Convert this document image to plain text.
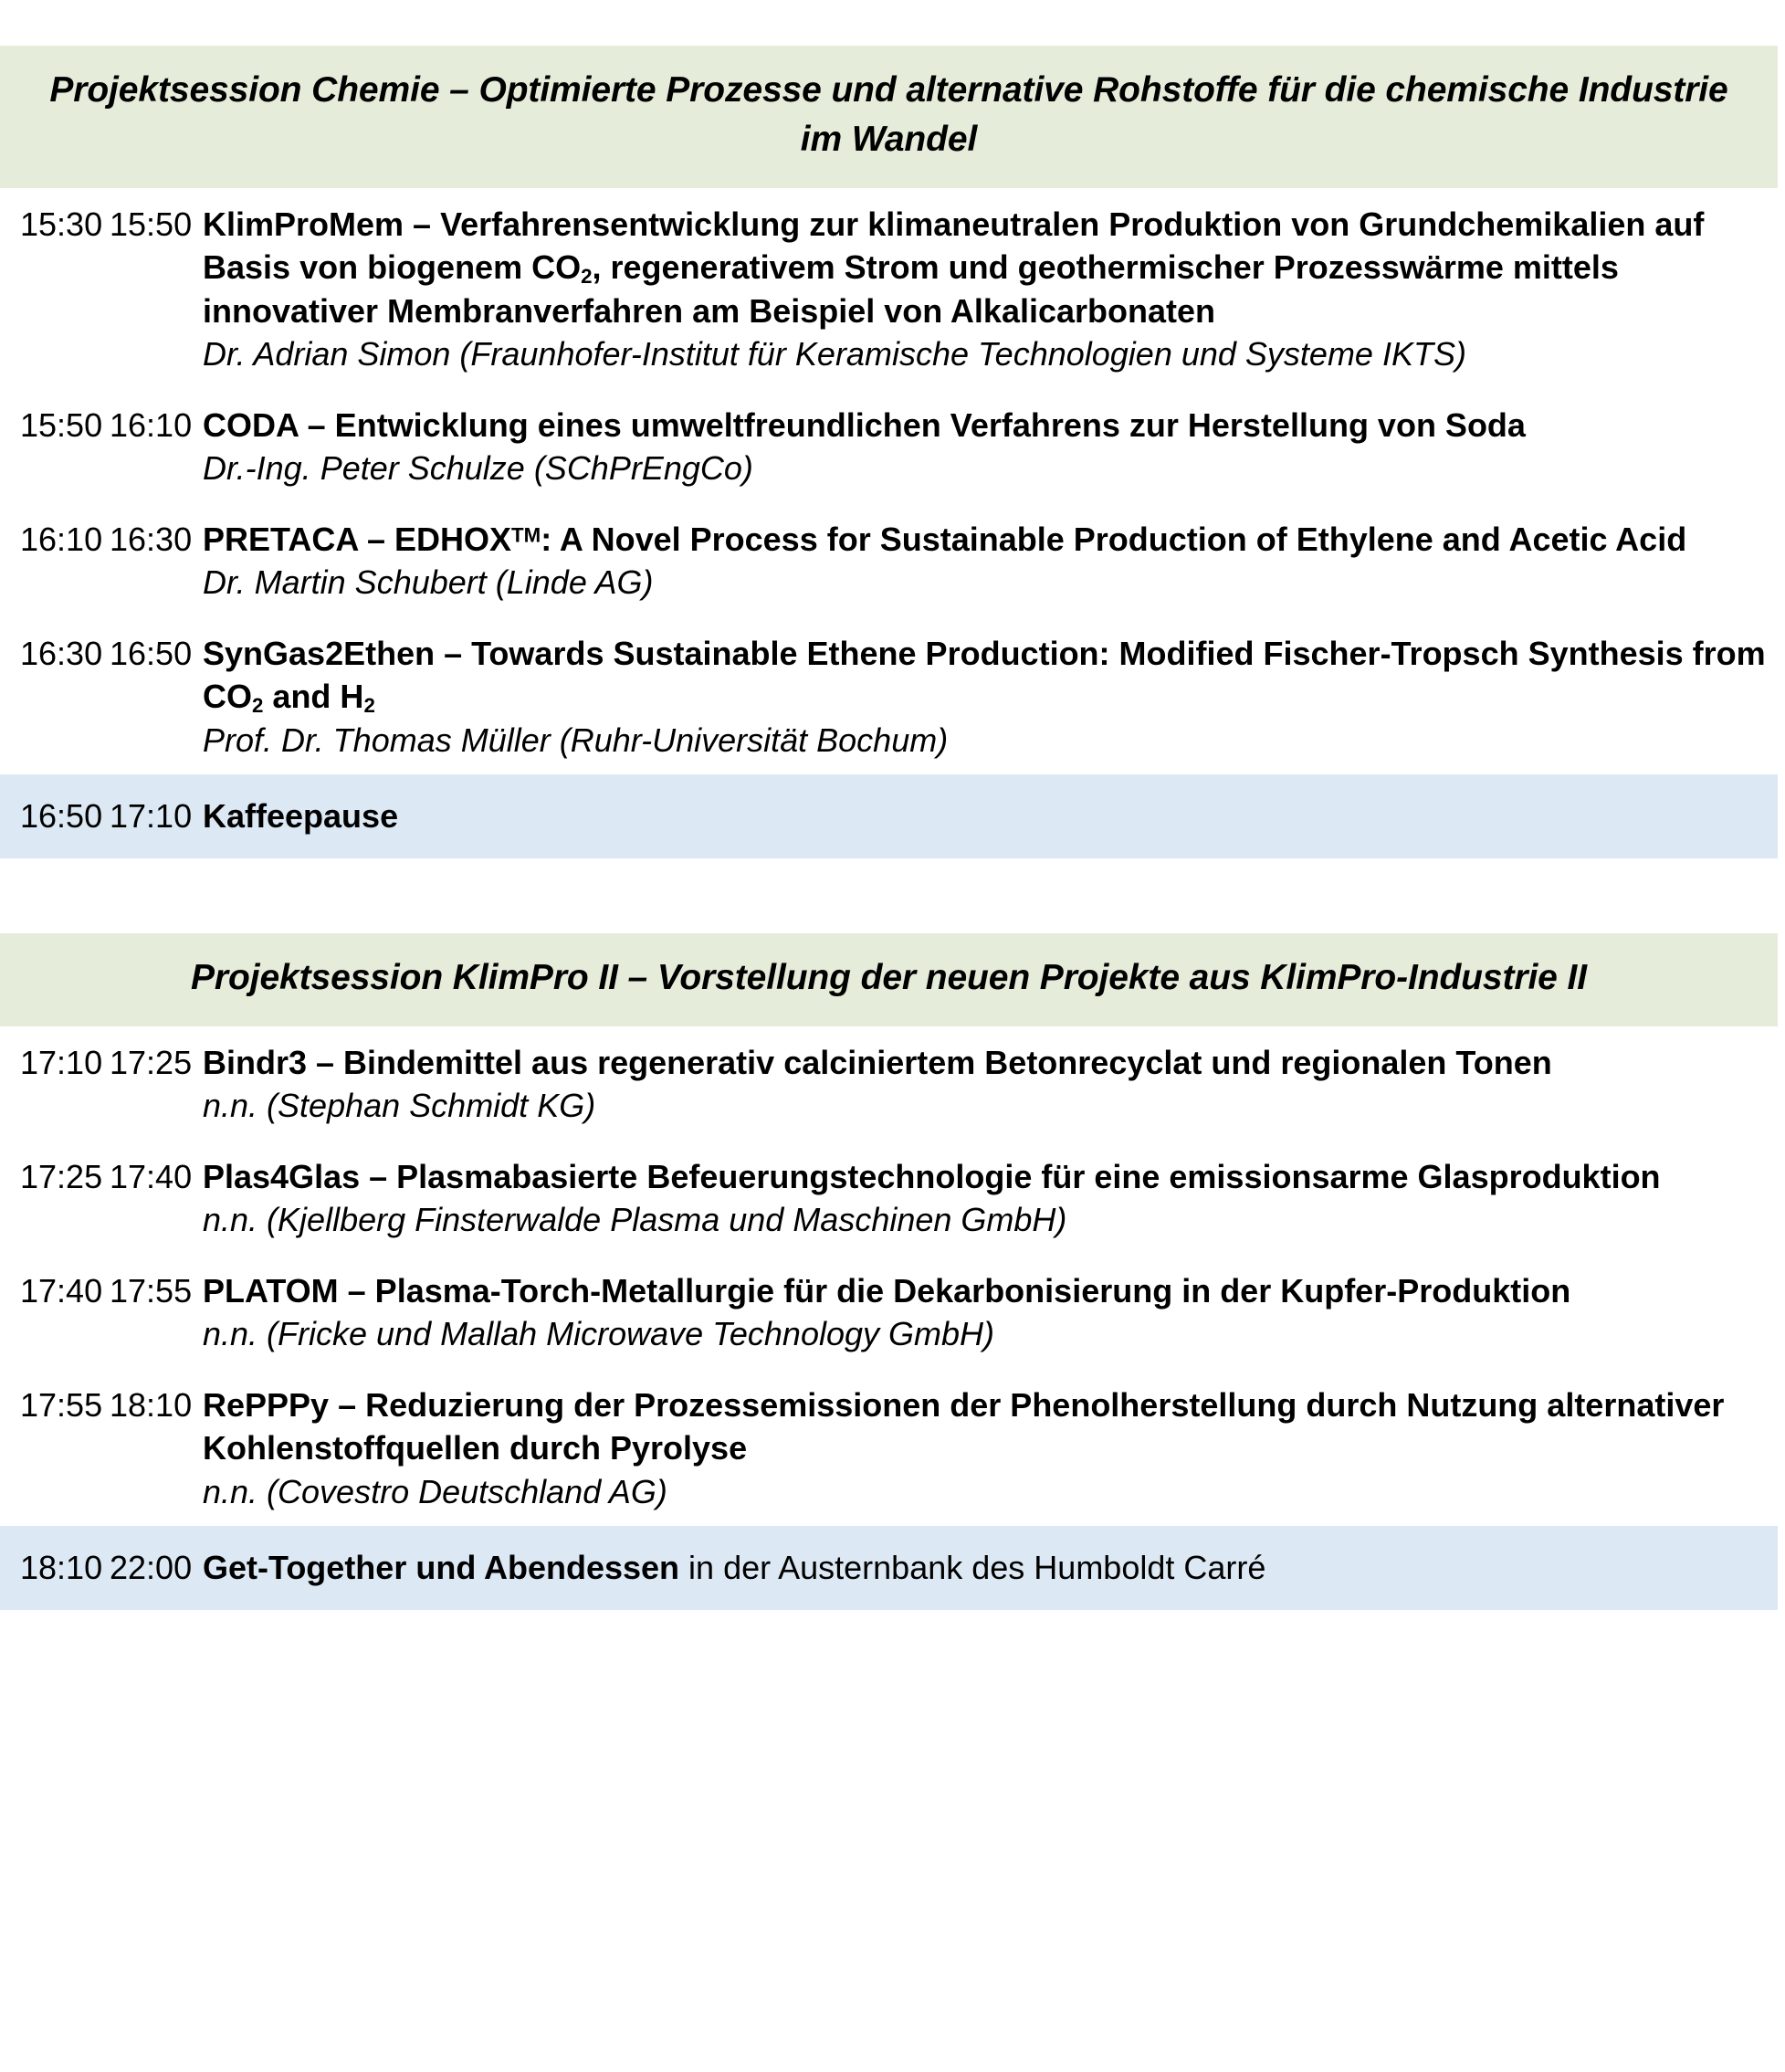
Projektsession Chemie – Optimierte Prozesse und alternative Rohstoffe für die chemische Industrie im Wandel
15:30 15:50 KlimProMem – Verfahrensentwicklung zur klimaneutralen Produktion von Grundchemikalien auf Basis von biogenem $CO_2$, regenerativem Strom und geothermischer Prozesswärme mittels innovativer Membranverfahren am Beispiel von Alkalicarbonaten

Dr. Adrian Simon (Fraunhofer-Institut für Keramische Technologien und Systeme IKTS)

15:50 16:10 CODA – Entwicklung eines umweltfreundlichen Verfahrens zur Herstellung von Soda

Dr.-Ing. Peter Schulze (SChPrEngCo)

16:10 16:30 PRETACA – EDHOX™: A Novel Process for Sustainable Production of Ethylene and Acetic Acid

Dr. Martin Schubert (Linde AG)

16:30 16:50 SynGas2Ethen – Towards Sustainable Ethene Production: Modified Fischer-Tropsch Synthesis from $CO_2$ and $H_2$

Prof. Dr. Thomas Müller (Ruhr-Universität Bochum)

16:50 17:10 Kaffeepause

Projektsession KlimPro II – Vorstellung der neuen Projekte aus KlimPro-Industrie II
17:10 17:25 Bindr3 – Bindemittel aus regenerativ calciniertem Betonrecyclat und regionalen Tonen

n.n. (Stephan Schmidt KG)

17:25 17:40 Plas4Glas – Plasmabasierte Befeuerungstechnologie für eine emissionsarme Glasproduktion

n.n. (Kjellberg Finsterwalde Plasma und Maschinen GmbH)

17:40 17:55 PLATOM – Plasma-Torch-Metallurgie für die Dekarbonisierung in der Kupfer-Produktion

n.n. (Fricke und Mallah Microwave Technology GmbH)

17:55 18:10 RePPPy – Reduzierung der Prozessemissionen der Phenolherstellung durch Nutzung alternativer Kohlenstoffquellen durch Pyrolyse

n.n. (Covestro Deutschland AG)

18:10 22:00 Get-Together und Abendessen in der Austernbank des Humboldt Carré
